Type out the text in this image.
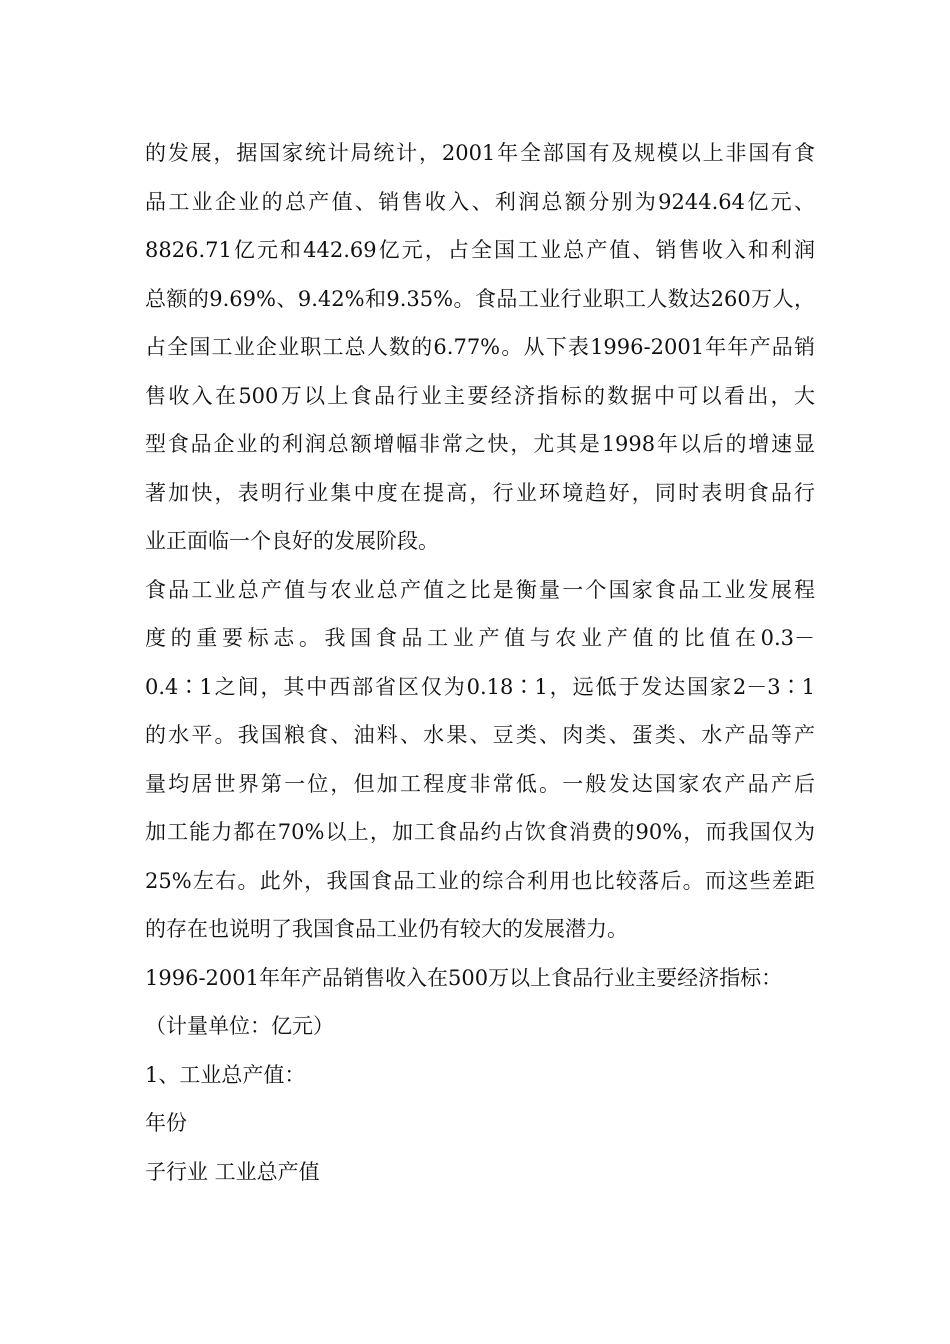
的发展，据国家统计局统计，2001年全部国有及规模以上非国有食
品工业企业的总产值、销售收入、利润总额分别为9244.64亿元、
8826.71亿元和442.69亿元，占全国工业总产值、销售收入和利润
总额的9.69%、9.42%和9.35%。食品工业行业职工人数达260万人，
占全国工业企业职工总人数的6.77%。从下表1996-2001年年产品销
售收入在500万以上食品行业主要经济指标的数据中可以看出，大
型食品企业的利润总额增幅非常之快，尤其是1998年以后的增速显
著加快，表明行业集中度在提高，行业环境趋好，同时表明食品行
业正面临一个良好的发展阶段。
食品工业总产值与农业总产值之比是衡量一个国家食品工业发展程
度的重要标志。我国食品工业产值与农业产值的比值在0.3－
0.4∶1之间，其中西部省区仅为0.18∶1，远低于发达国家2－3∶1
的水平。我国粮食、油料、水果、豆类、肉类、蛋类、水产品等产
量均居世界第一位，但加工程度非常低。一般发达国家农产品产后
加工能力都在70%以上，加工食品约占饮食消费的90%，而我国仅为
25%左右。此外，我国食品工业的综合利用也比较落后。而这些差距
的存在也说明了我国食品工业仍有较大的发展潜力。
1996-2001年年产品销售收入在500万以上食品行业主要经济指标：
（计量单位：亿元）
1、工业总产值：
年份
子行业 工业总产值
